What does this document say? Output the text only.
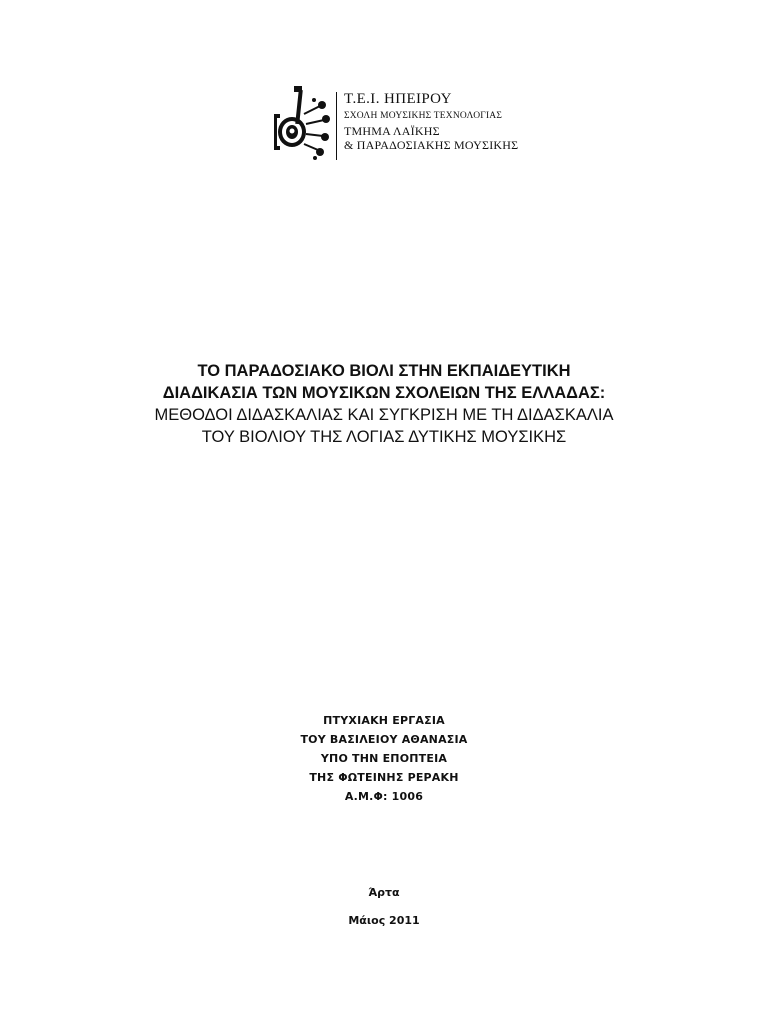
Τ.Ε.Ι. ΗΠΕΙΡΟΥ
ΣΧΟΛΗ ΜΟΥΣΙΚΗΣ ΤΕΧΝΟΛΟΓΙΑΣ
ΤΜΗΜΑ ΛΑΪΚΗΣ
& ΠΑΡΑΔΟΣΙΑΚΗΣ ΜΟΥΣΙΚΗΣ
ΤΟ ΠΑΡΑΔΟΣΙΑΚΟ ΒΙΟΛΙ ΣΤΗΝ ΕΚΠΑΙΔΕΥΤΙΚΗ
ΔΙΑΔΙΚΑΣΙΑ ΤΩΝ ΜΟΥΣΙΚΩΝ ΣΧΟΛΕΙΩΝ ΤΗΣ ΕΛΛΑΔΑΣ:
ΜΕΘΟΔΟΙ ΔΙΔΑΣΚΑΛΙΑΣ ΚΑΙ ΣΥΓΚΡΙΣΗ ΜΕ ΤΗ ΔΙΔΑΣΚΑΛΙΑ
ΤΟΥ ΒΙΟΛΙΟΥ ΤΗΣ ΛΟΓΙΑΣ ΔΥΤΙΚΗΣ ΜΟΥΣΙΚΗΣ
ΠΤΥΧΙΑΚΗ ΕΡΓΑΣΙΑ
ΤΟΥ ΒΑΣΙΛΕΙΟΥ ΑΘΑΝΑΣΙΑ
ΥΠΟ ΤΗΝ ΕΠΟΠΤΕΙΑ
ΤΗΣ ΦΩΤΕΙΝΗΣ ΡΕΡΑΚΗ
Α.Μ.Φ: 1006
Άρτα
Μάιος 2011
